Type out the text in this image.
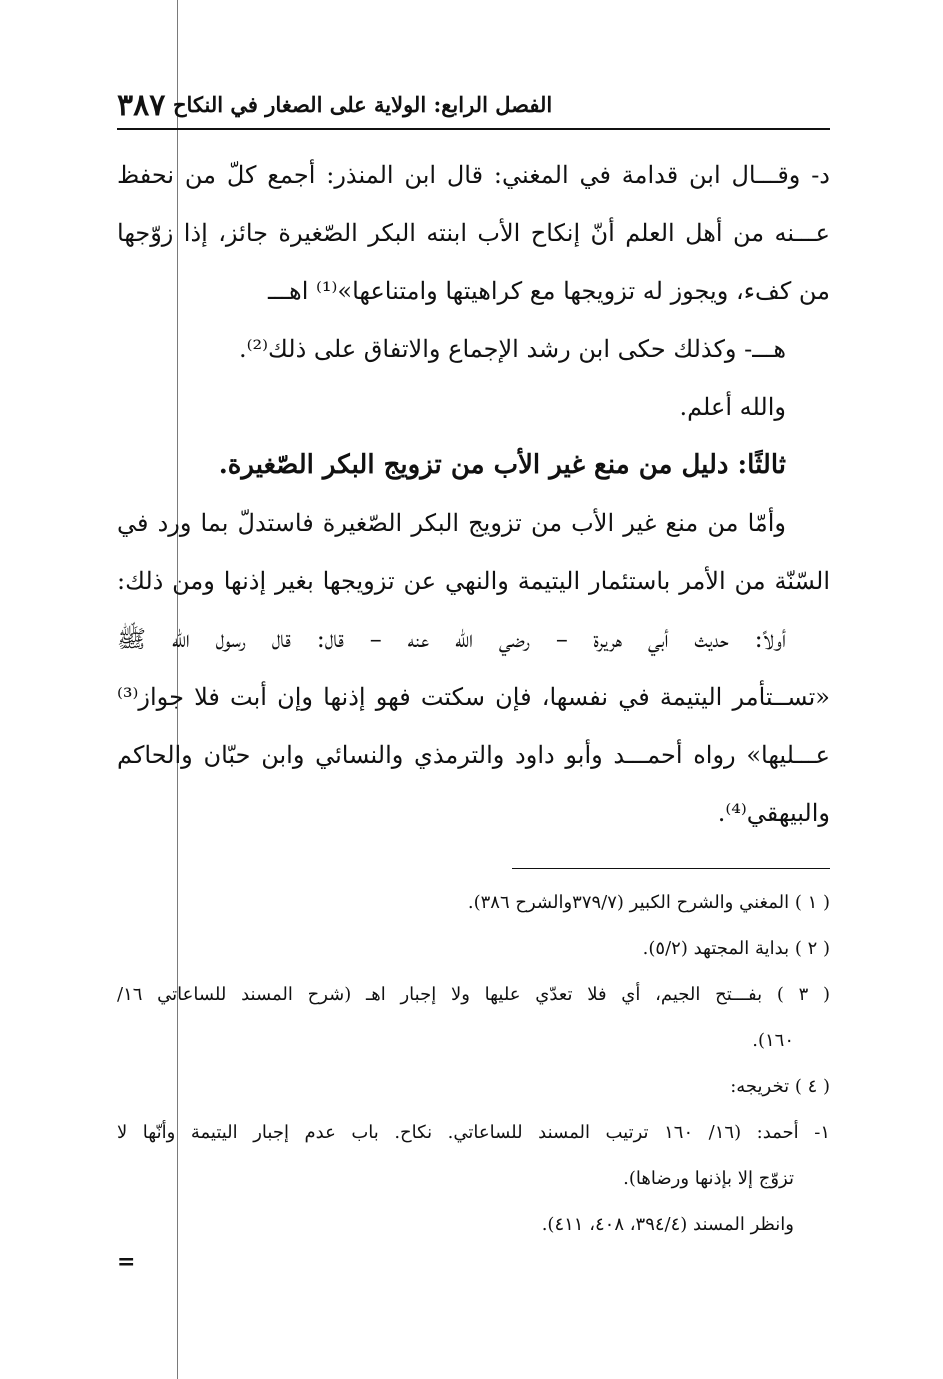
٣٨٧ الفصل الرابع: الولاية على الصغار في النكاح
د- وقـــال ابن قدامة في المغني: قال ابن المنذر: أجمع كلّ من نحفظ
عـــنه من أهل العلم أنّ إنكاح الأب ابنته البكر الصّغيرة جائز، إذا زوّجها
من كفء، ويجوز له تزويجها مع كراهيتها وامتناعها»⁽¹⁾ اهـــ
هـــ- وكذلك حكى ابن رشد الإجماع والاتفاق على ذلك⁽²⁾.
والله أعلم.
ثالثًا: دليل من منع غير الأب من تزويج البكر الصّغيرة.
وأمّا من منع غير الأب من تزويج البكر الصّغيرة فاستدلّ بما ورد في
السّنّة من الأمر باستئمار اليتيمة والنهي عن تزويجها بغير إذنها ومن ذلك:
أولاً: حديث أبي هريرة – رضي الله عنه – قال: قال رسول الله ﷺ
«تســتأمر اليتيمة في نفسها، فإن سكتت فهو إذنها وإن أبت فلا جواز⁽³⁾
عـــليها» رواه أحمـــد وأبو داود والترمذي والنسائي وابن حبّان والحاكم
والبيهقي⁽⁴⁾.
( ١ ) المغني والشرح الكبير (٣٧٩/٧والشرح ٣٨٦).
( ٢ ) بداية المجتهد (٥/٢).
( ٣ ) بفـــتح الجيم، أي فلا تعدّي عليها ولا إجبار اهـ (شرح المسند للساعاتي ١٦/
١٦٠).
( ٤ ) تخريجه:
١- أحمد: (١٦/ ١٦٠ ترتيب المسند للساعاتي. نكاح. باب عدم إجبار اليتيمة وأنّها لا
تزوّج إلا بإذنها ورضاها).
وانظر المسند (٣٩٤/٤، ٤٠٨، ٤١١).
=
